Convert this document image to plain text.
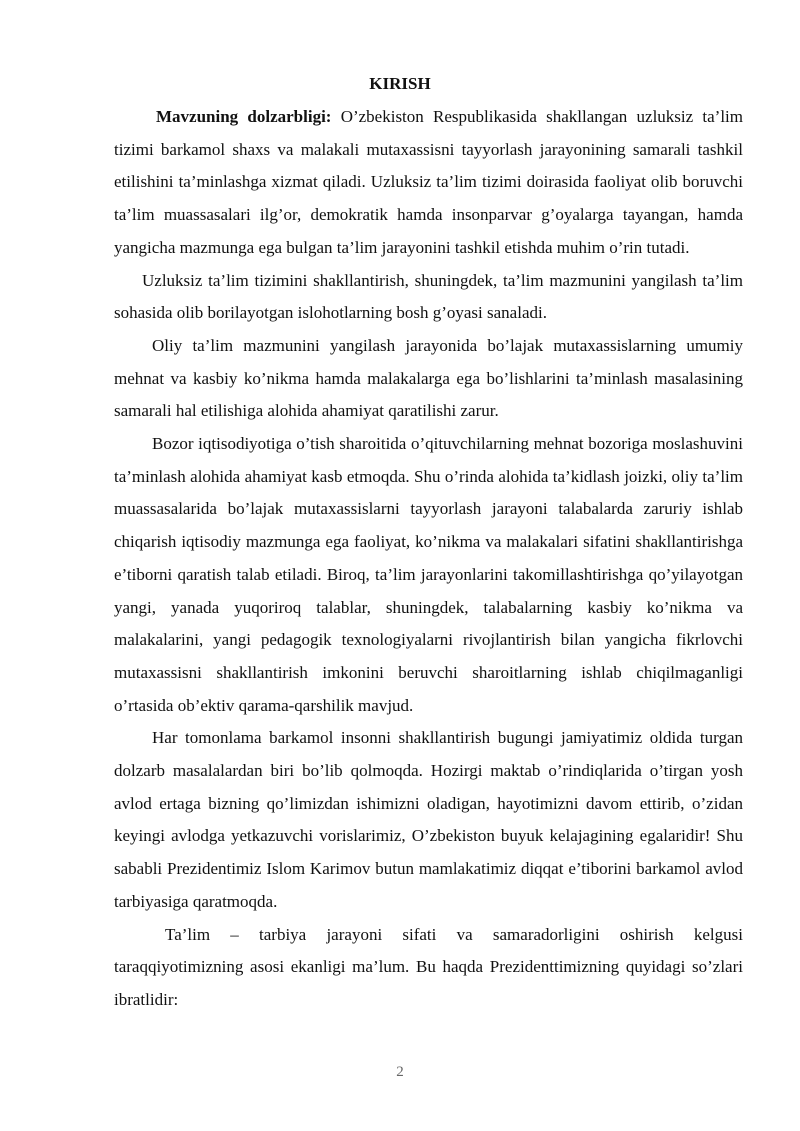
KIRISH

Mavzuning dolzarbligi: O’zbekiston Respublikasida shakllangan uzluksiz ta’lim tizimi barkamol shaxs va malakali mutaxassisni tayyorlash jarayonining samarali tashkil etilishini ta’minlashga xizmat qiladi. Uzluksiz ta’lim tizimi doirasida faoliyat olib boruvchi ta’lim muassasalari ilg’or, demokratik hamda insonparvar g’oyalarga tayangan, hamda yangicha mazmunga ega bulgan ta’lim jarayonini tashkil etishda muhim o’rin tutadi.

Uzluksiz ta’lim tizimini shakllantirish, shuningdek, ta’lim mazmunini yangilash ta’lim sohasida olib borilayotgan islohotlarning bosh g’oyasi sanaladi.

Oliy ta’lim mazmunini yangilash jarayonida bo’lajak mutaxassislarning umumiy mehnat va kasbiy ko’nikma hamda malakalarga ega bo’lishlarini ta’minlash masalasining samarali hal etilishiga alohida ahamiyat qaratilishi zarur.

Bozor iqtisodiyotiga o’tish sharoitida o’qituvchilarning mehnat bozoriga moslashuvini ta’minlash alohida ahamiyat kasb etmoqda. Shu o’rinda alohida ta’kidlash joizki, oliy ta’lim muassasalarida bo’lajak mutaxassislarni tayyorlash jarayoni talabalarda zaruriy ishlab chiqarish iqtisodiy mazmunga ega faoliyat, ko’nikma va malakalari sifatini shakllantirishga e’tiborni qaratish talab etiladi. Biroq, ta’lim jarayonlarini takomillashtirishga qo’yilayotgan yangi, yanada yuqoriroq talablar, shuningdek, talabalarning kasbiy ko’nikma va malakalarini, yangi pedagogik texnologiyalarni rivojlantirish bilan yangicha fikrlovchi mutaxassisni shakllantirish imkonini beruvchi sharoitlarning ishlab chiqilmaganligi o’rtasida ob’ektiv qarama-qarshilik mavjud.

Har tomonlama barkamol insonni shakllantirish bugungi jamiyatimiz oldida turgan dolzarb masalalardan biri bo’lib qolmoqda. Hozirgi maktab o’rindiqlarida o’tirgan yosh avlod ertaga bizning qo’limizdan ishimizni oladigan, hayotimizni davom ettirib, o’zidan keyingi avlodga yetkazuvchi vorislarimiz, O’zbekiston buyuk kelajagining egalaridir! Shu sababli Prezidentimiz Islom Karimov butun mamlakatimiz diqqat e’tiborini barkamol avlod tarbiyasiga qaratmoqda.

Ta’lim – tarbiya jarayoni sifati va samaradorligini oshirish kelgusi taraqqiyotimizning asosi ekanligi ma’lum. Bu haqda Prezidenttimizning quyidagi so’zlari ibratlidir:

2
